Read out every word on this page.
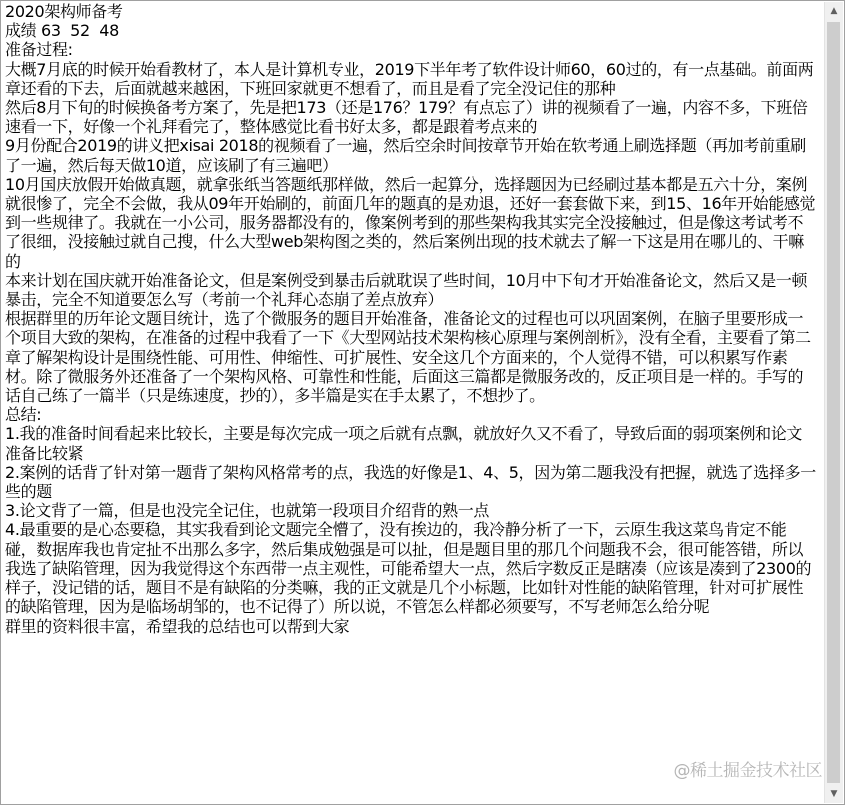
2020架构师备考

成绩 63  52  48

准备过程:

大概7月底的时候开始看教材了，本人是计算机专业，2019下半年考了软件设计师60，60过的，有一点基础。前面两章还看的下去，后面就越来越困，下班回家就更不想看了，而且是看了完全没记住的那种

然后8月下旬的时候换备考方案了，先是把173（还是176？179？有点忘了）讲的视频看了一遍，内容不多，下班倍速看一下，好像一个礼拜看完了，整体感觉比看书好太多，都是跟着考点来的

9月份配合2019的讲义把xisai 2018的视频看了一遍，然后空余时间按章节开始在软考通上刷选择题（再加考前重刷了一遍，然后每天做10道，应该刷了有三遍吧）

10月国庆放假开始做真题，就拿张纸当答题纸那样做，然后一起算分，选择题因为已经刷过基本都是五六十分，案例就很惨了，完全不会做，我从09年开始刷的，前面几年的题真的是劝退，还好一套套做下来，到15、16年开始能感觉到一些规律了。我就在一小公司，服务器都没有的，像案例考到的那些架构我其实完全没接触过，但是像这考试考不了很细，没接触过就自己搜，什么大型web架构图之类的，然后案例出现的技术就去了解一下这是用在哪儿的、干嘛的

本来计划在国庆就开始准备论文，但是案例受到暴击后就耽误了些时间，10月中下旬才开始准备论文，然后又是一顿暴击，完全不知道要怎么写（考前一个礼拜心态崩了差点放弃）

根据群里的历年论文题目统计，选了个微服务的题目开始准备，准备论文的过程也可以巩固案例，在脑子里要形成一个项目大致的架构，在准备的过程中我看了一下《大型网站技术架构核心原理与案例剖析》，没有全看，主要看了第二章了解架构设计是围绕性能、可用性、伸缩性、可扩展性、安全这几个方面来的，个人觉得不错，可以积累写作素材。除了微服务外还准备了一个架构风格、可靠性和性能，后面这三篇都是微服务改的，反正项目是一样的。手写的话自己练了一篇半（只是练速度，抄的），多半篇是实在手太累了，不想抄了。

总结:

1.我的准备时间看起来比较长，主要是每次完成一项之后就有点飘，就放好久又不看了，导致后面的弱项案例和论文准备比较紧

2.案例的话背了针对第一题背了架构风格常考的点，我选的好像是1、4、5，因为第二题我没有把握，就选了选择多一些的题

3.论文背了一篇，但是也没完全记住，也就第一段项目介绍背的熟一点

4.最重要的是心态要稳，其实我看到论文题完全懵了，没有挨边的，我冷静分析了一下，云原生我这菜鸟肯定不能碰，数据库我也肯定扯不出那么多字，然后集成勉强是可以扯，但是题目里的那几个问题我不会，很可能答错，所以我选了缺陷管理，因为我觉得这个东西带一点主观性，可能希望大一点，然后字数反正是瞎凑（应该是凑到了2300的样子，没记错的话，题目不是有缺陷的分类嘛，我的正文就是几个小标题，比如针对性能的缺陷管理，针对可扩展性的缺陷管理，因为是临场胡邹的，也不记得了）所以说，不管怎么样都必须要写，不写老师怎么给分呢

群里的资料很丰富，希望我的总结也可以帮到大家

▲
▼
@稀土掘金技术社区
